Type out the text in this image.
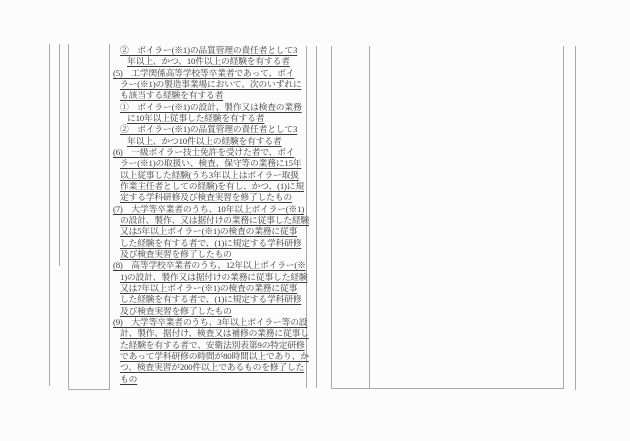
②　ボイラー(※1)の品質管理の責任者として3
年以上、かつ、10件以上の経験を有する者
(5)　工学関係高等学校等卒業者であって、ボイ
ラー(※1)の製造事業場において、次のいずれに
も該当する経験を有する者
①　ボイラー(※1)の設計、製作又は検査の業務
に10年以上従事した経験を有する者
②　ボイラー(※1)の品質管理の責任者として3
年以上、かつ10件以上の経験を有する者
(6)　一級ボイラー技士免許を受けた者で、ボイ
ラー(※1)の取扱い、検査、保守等の業務に15年
以上従事した経験(うち3年以上はボイラー取扱
作業主任者としての経験)を有し、かつ、(1)に規
定する学科研修及び検査実習を修了したもの
(7)　大学等卒業者のうち、10年以上ボイラー(※1)
の設計、製作、又は据付けの業務に従事した経験
又は5年以上ボイラー(※1)の検査の業務に従事
した経験を有する者で、(1)に規定する学科研修
及び検査実習を修了したもの
(8)　高等学校卒業者のうち、12年以上ボイラー(※
1)の設計、製作又は据付けの業務に従事した経験
又は7年以上ボイラー(※1)の検査の業務に従事
した経験を有する者で、(1)に規定する学科研修
及び検査実習を修了したもの
(9)　大学等卒業者のうち、3年以上ボイラー等の設
計、製作、据付け、検査又は補修の業務に従事し
た経験を有する者で、安衛法別表第9の特定研修
であって学科研修の時間が80時間以上であり、か
つ、検査実習が200件以上であるものを修了した
もの
